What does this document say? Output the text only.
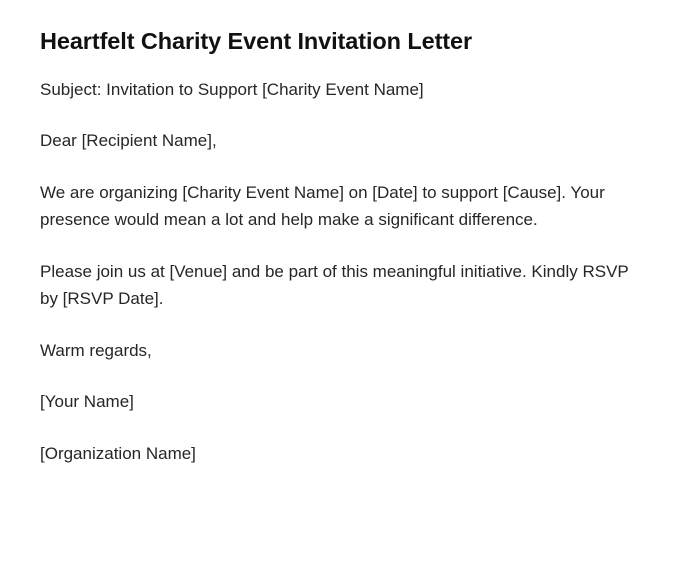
Heartfelt Charity Event Invitation Letter

Subject: Invitation to Support [Charity Event Name]

Dear [Recipient Name],

We are organizing [Charity Event Name] on [Date] to support [Cause]. Your presence would mean a lot and help make a significant difference.

Please join us at [Venue] and be part of this meaningful initiative. Kindly RSVP by [RSVP Date].

Warm regards,

[Your Name]

[Organization Name]
